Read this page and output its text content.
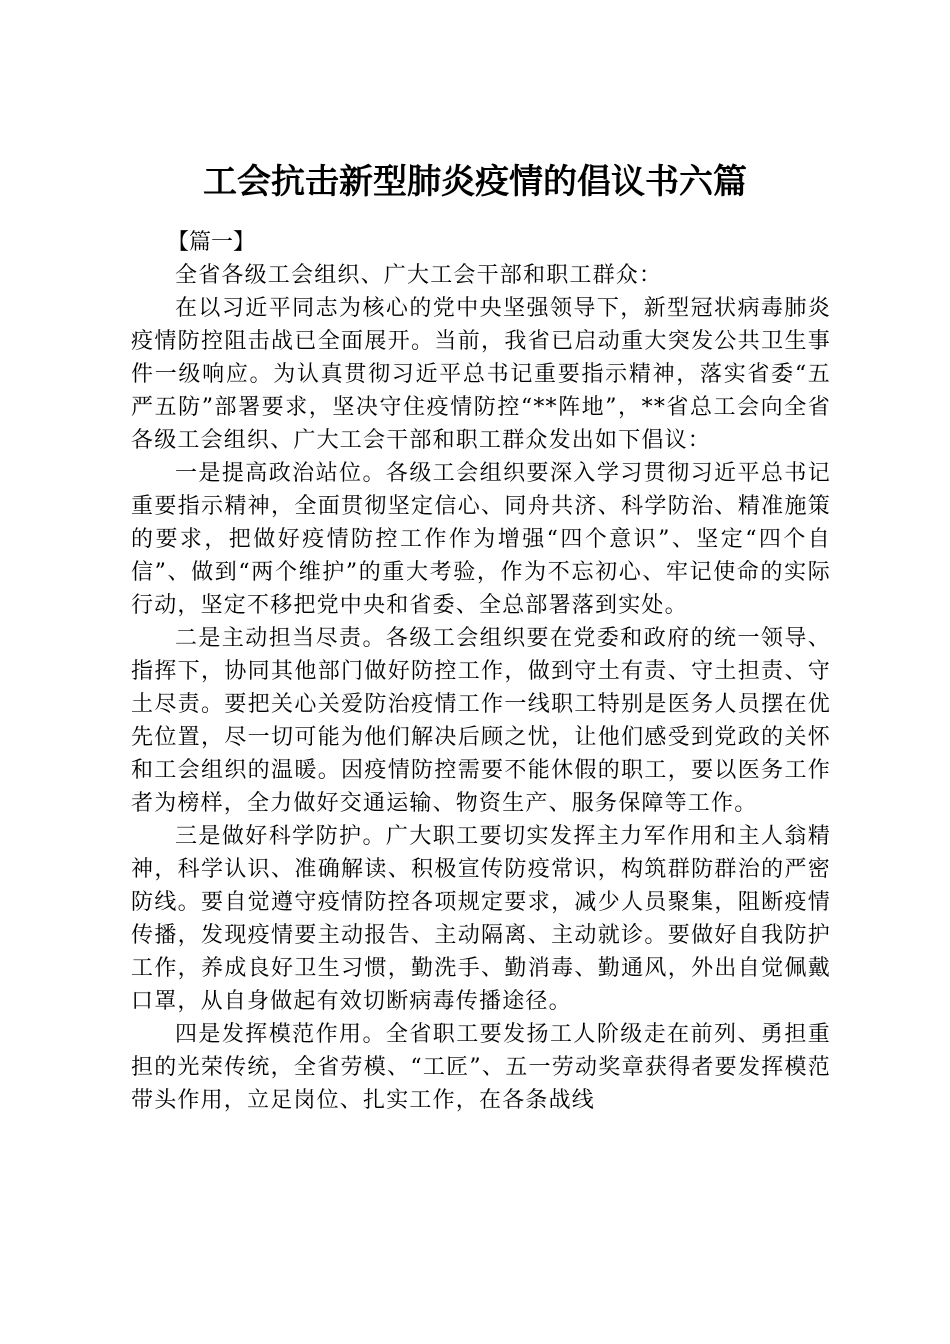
工会抗击新型肺炎疫情的倡议书六篇

【篇一】

全省各级工会组织、广大工会干部和职工群众：

在以习近平同志为核心的党中央坚强领导下，新型冠状病毒肺炎疫情防控阻击战已全面展开。当前，我省已启动重大突发公共卫生事件一级响应。为认真贯彻习近平总书记重要指示精神，落实省委“五严五防”部署要求，坚决守住疫情防控“**阵地”，**省总工会向全省各级工会组织、广大工会干部和职工群众发出如下倡议：

一是提高政治站位。各级工会组织要深入学习贯彻习近平总书记重要指示精神，全面贯彻坚定信心、同舟共济、科学防治、精准施策的要求，把做好疫情防控工作作为增强“四个意识”、坚定“四个自信”、做到“两个维护”的重大考验，作为不忘初心、牢记使命的实际行动，坚定不移把党中央和省委、全总部署落到实处。

二是主动担当尽责。各级工会组织要在党委和政府的统一领导、指挥下，协同其他部门做好防控工作，做到守土有责、守土担责、守土尽责。要把关心关爱防治疫情工作一线职工特别是医务人员摆在优先位置，尽一切可能为他们解决后顾之忧，让他们感受到党政的关怀和工会组织的温暖。因疫情防控需要不能休假的职工，要以医务工作者为榜样，全力做好交通运输、物资生产、服务保障等工作。

三是做好科学防护。广大职工要切实发挥主力军作用和主人翁精神，科学认识、准确解读、积极宣传防疫常识，构筑群防群治的严密防线。要自觉遵守疫情防控各项规定要求，减少人员聚集，阻断疫情传播，发现疫情要主动报告、主动隔离、主动就诊。要做好自我防护工作，养成良好卫生习惯，勤洗手、勤消毒、勤通风，外出自觉佩戴口罩，从自身做起有效切断病毒传播途径。

四是发挥模范作用。全省职工要发扬工人阶级走在前列、勇担重担的光荣传统，全省劳模、“工匠”、五一劳动奖章获得者要发挥模范带头作用，立足岗位、扎实工作，在各条战线
